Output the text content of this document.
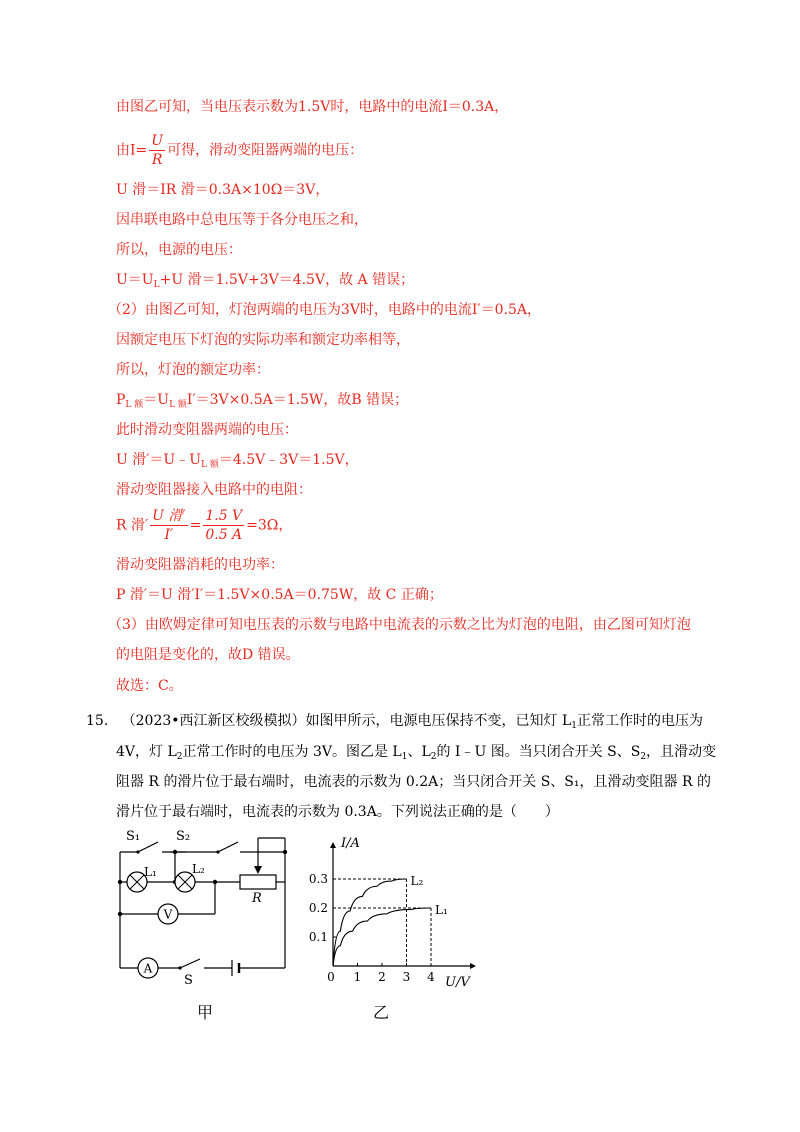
由图乙可知，当电压表示数为1.5V时，电路中的电流I＝0.3A，
由$I= \frac{U}{R}$ 可得，滑动变阻器两端的电压：
U 滑＝IR 滑＝0.3A×10Ω＝3V，
因串联电路中总电压等于各分电压之和，
所以，电源的电压：
$U=U_L+U$ 滑＝1.5V+3V＝4.5V，故 A 错误；
（2）由图乙可知，灯泡两端的电压为3V时，电路中的电流I′＝0.5A，
因额定电压下灯泡的实际功率和额定功率相等，
所以，灯泡的额定功率：
$P_{L 额}=U_{L 额}I'=3V\times 0.5A=1.5W$，故B 错误；
此时滑动变阻器两端的电压：
U 滑$'=U﹣U_{L 额}=4.5V﹣3V=1.5V$，
滑动变阻器接入电路中的电阻：
R 滑′ $\frac{\text{U 滑′}}{I'} = \frac{1.5 V}{0.5 A} =3\Omega$，
滑动变阻器消耗的电功率：
P 滑′＝U 滑′I′＝1.5V×0.5A＝0.75W，故 C 正确；
（3）由欧姆定律可知电压表的示数与电路中电流表的示数之比为灯泡的电阻，由乙图可知灯泡
的电阻是变化的，故D 错误。
故选：C。
15. （2023•西江新区校级模拟）如图甲所示，电源电压保持不变，已知灯 $L_1$正常工作时的电压为
4V，灯 $L_2$正常工作时的电压为 3V。图乙是 $L_1$、$L_2$的 I﹣U 图。当只闭合开关 S、$S_2$，且滑动变
阻器 R 的滑片位于最右端时，电流表的示数为 0.2A；当只闭合开关 S、S₁，且滑动变阻器 R 的
滑片位于最右端时，电流表的示数为 0.3A。下列说法正确的是（　　）
V
A
S₁	S₂
L₁	L₂
R
S
甲
0 1 2 3 4
0.1
0.2
0.3
I/A
U/V
L₂
L₁
乙
